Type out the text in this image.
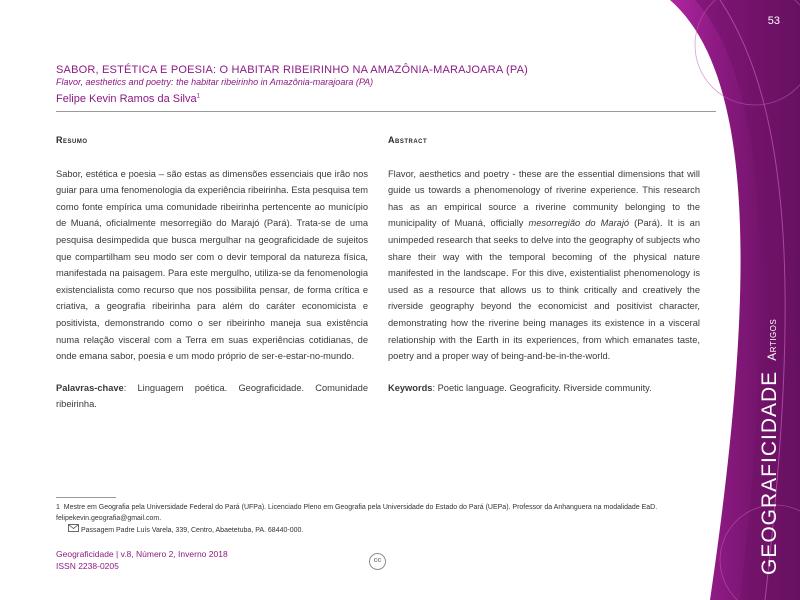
53
GEOGRAFICIDADEArtigos
SABOR, ESTÉTICA E POESIA: O HABITAR RIBEIRINHO NA AMAZÔNIA-MARAJOARA (PA)
Flavor, aesthetics and poetry: the habitar ribeirinho in Amazônia-marajoara (PA)
Felipe Kevin Ramos da Silva$^1$
Resumo
Sabor, estética e poesia – são estas as dimensões essenciais que irão nos guiar para uma fenomenologia da experiência ribeirinha. Esta pesquisa tem como fonte empírica uma comunidade ribeirinha pertencente ao município de Muaná, oficialmente mesorregião do Marajó (Pará). Trata-se de uma pesquisa desimpedida que busca mergulhar na geograficidade de sujeitos que compartilham seu modo ser com o devir temporal da natureza física, manifestada na paisagem. Para este mergulho, utiliza-se da fenomenologia existencialista como recurso que nos possibilita pensar, de forma crítica e criativa, a geografia ribeirinha para além do caráter economicista e positivista, demonstrando como o ser ribeirinho maneja sua existência numa relação visceral com a Terra em suas experiências cotidianas, de onde emana sabor, poesia e um modo próprio de ser-e-estar-no-mundo.
Palavras-chave: Linguagem poética. Geograficidade. Comunidade ribeirinha.
Abstract
Flavor, aesthetics and poetry - these are the essential dimensions that will guide us towards a phenomenology of riverine experience. This research has as an empirical source a riverine community belonging to the municipality of Muaná, officially mesorregião do Marajó (Pará). It is an unimpeded research that seeks to delve into the geography of subjects who share their way with the temporal becoming of the physical nature manifested in the landscape. For this dive, existentialist phenomenology is used as a resource that allows us to think critically and creatively the riverside geography beyond the economicist and positivist character, demonstrating how the riverine being manages its existence in a visceral relationship with the Earth in its experiences, from which emanates taste, poetry and a proper way of being-and-be-in-the-world.
Keywords: Poetic language. Geograficity. Riverside community.
1 Mestre em Geografia pela Universidade Federal do Pará (UFPa). Licenciado Pleno em Geografia pela Universidade do Estado do Pará (UEPa). Professor da Anhanguera na modalidade EaD. felipekevin.geografia@gmail.com.
Passagem Padre Luís Varela, 339, Centro, Abaetetuba, PA. 68440-000.
Geograficidade | v.8, Número 2, Inverno 2018
ISSN 2238-0205
cc
